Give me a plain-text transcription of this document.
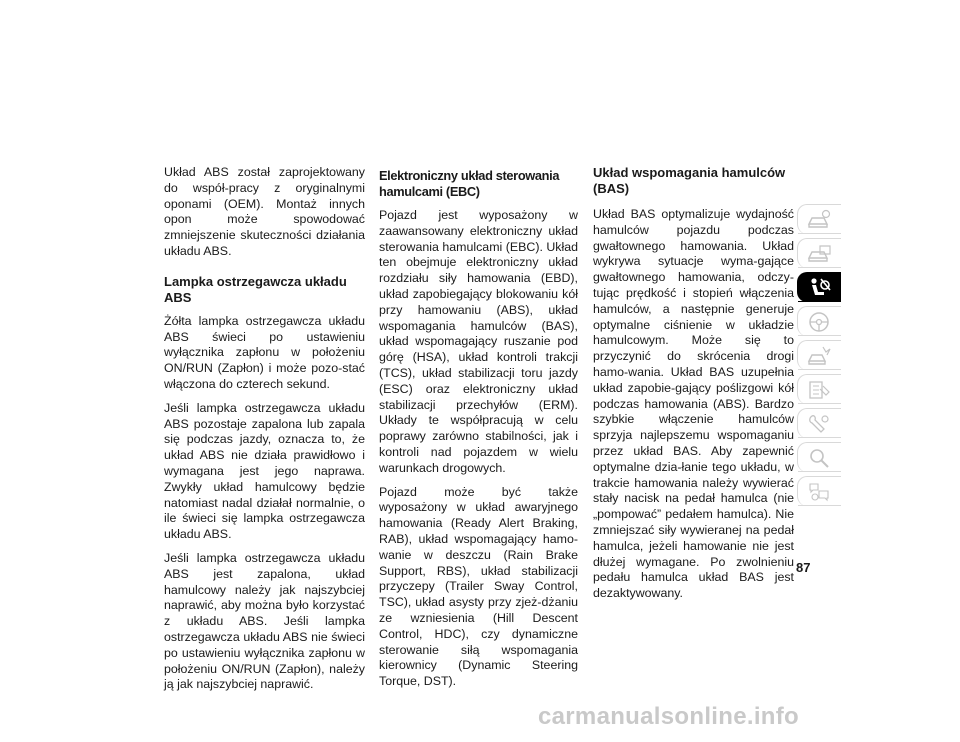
Układ ABS został zaprojektowany do współ-pracy z oryginalnymi oponami (OEM). Montaż innych opon może spowodować zmniejszenie skuteczności działania układu ABS.

Lampka ostrzegawcza układu ABS

Żółta lampka ostrzegawcza układu ABS świeci po ustawieniu wyłącznika zapłonu w położeniu ON/RUN (Zapłon) i może pozo-stać włączona do czterech sekund.

Jeśli lampka ostrzegawcza układu ABS pozostaje zapalona lub zapala się podczas jazdy, oznacza to, że układ ABS nie działa prawidłowo i wymagana jest jego naprawa. Zwykły układ hamulcowy będzie natomiast nadal działał normalnie, o ile świeci się lampka ostrzegawcza układu ABS.

Jeśli lampka ostrzegawcza układu ABS jest zapalona, układ hamulcowy należy jak najszybciej naprawić, aby można było korzystać z układu ABS. Jeśli lampka ostrzegawcza układu ABS nie świeci po ustawieniu wyłącznika zapłonu w położeniu ON/RUN (Zapłon), należy ją jak najszybciej naprawić.

Elektroniczny układ sterowania hamulcami (EBC)

Pojazd jest wyposażony w zaawansowany elektroniczny układ sterowania hamulcami (EBC). Układ ten obejmuje elektroniczny układ rozdziału siły hamowania (EBD), układ zapobiegający blokowaniu kół przy hamowaniu (ABS), układ wspomagania hamulców (BAS), układ wspomagający ruszanie pod górę (HSA), układ kontroli trakcji (TCS), układ stabilizacji toru jazdy (ESC) oraz elektroniczny układ stabilizacji przechyłów (ERM). Układy te współpracują w celu poprawy zarówno stabilności, jak i kontroli nad pojazdem w wielu warunkach drogowych.

Pojazd może być także wyposażony w układ awaryjnego hamowania (Ready Alert Braking, RAB), układ wspomagający hamo-wanie w deszczu (Rain Brake Support, RBS), układ stabilizacji przyczepy (Trailer Sway Control, TSC), układ asysty przy zjeż-dżaniu ze wzniesienia (Hill Descent Control, HDC), czy dynamiczne sterowanie siłą wspomagania kierownicy (Dynamic Steering Torque, DST).

Układ wspomagania hamulców (BAS)

Układ BAS optymalizuje wydajność hamulców pojazdu podczas gwałtownego hamowania. Układ wykrywa sytuacje wyma-gające gwałtownego hamowania, odczy-tując prędkość i stopień włączenia hamulców, a następnie generuje optymalne ciśnienie w układzie hamulcowym. Może się to przyczynić do skrócenia drogi hamo-wania. Układ BAS uzupełnia układ zapobie-gający poślizgowi kół podczas hamowania (ABS). Bardzo szybkie włączenie hamulców sprzyja najlepszemu wspomaganiu przez układ BAS. Aby zapewnić optymalne dzia-łanie tego układu, w trakcie hamowania należy wywierać stały nacisk na pedał hamulca (nie „pompować” pedałem hamulca). Nie zmniejszać siły wywieranej na pedał hamulca, jeżeli hamowanie nie jest dłużej wymagane. Po zwolnieniu pedału hamulca układ BAS jest dezaktywowany.

87
carmanualsonline.info
